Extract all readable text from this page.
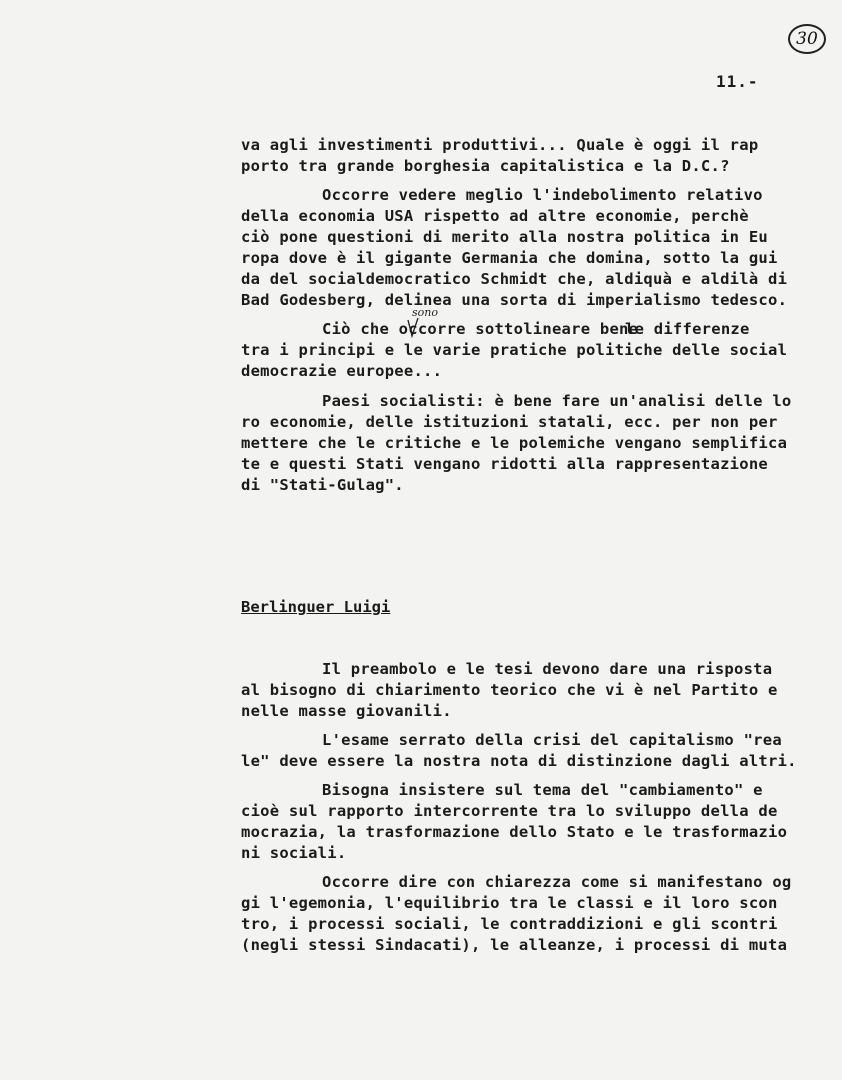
30
11.-
va agli investimenti produttivi... Quale è oggi il rap
porto tra grande borghesia capitalistica e la D.C.?
Occorre vedere meglio l'indebolimento relativo
della economia USA rispetto ad altre economie, perchè
ciò pone questioni di merito alla nostra politica in Eu
ropa dove è il gigante Germania che domina, sotto la gui
da del socialdemocratico Schmidt che, aldiquà e aldilà di
Bad Godesberg, delinea una sorta di imperialismo tedesco.
Ciò che occorre sottolineare bene
sono
le differenze
tra i principi e le varie pratiche politiche delle social
democrazie europee...
Paesi socialisti: è bene fare un'analisi delle lo
ro economie, delle istituzioni statali, ecc. per non per
mettere che le critiche e le polemiche vengano semplifica
te e questi Stati vengano ridotti alla rappresentazione
di "Stati-Gulag".
Berlinguer Luigi
Il preambolo e le tesi devono dare una risposta
al bisogno di chiarimento teorico che vi è nel Partito e
nelle masse giovanili.
L'esame serrato della crisi del capitalismo "rea
le" deve essere la nostra nota di distinzione dagli altri.
Bisogna insistere sul tema del "cambiamento" e
cioè sul rapporto intercorrente tra lo sviluppo della de
mocrazia, la trasformazione dello Stato e le trasformazio
ni sociali.
Occorre dire con chiarezza come si manifestano og
gi l'egemonia, l'equilibrio tra le classi e il loro scon
tro, i processi sociali, le contraddizioni e gli scontri
(negli stessi Sindacati), le alleanze, i processi di muta
